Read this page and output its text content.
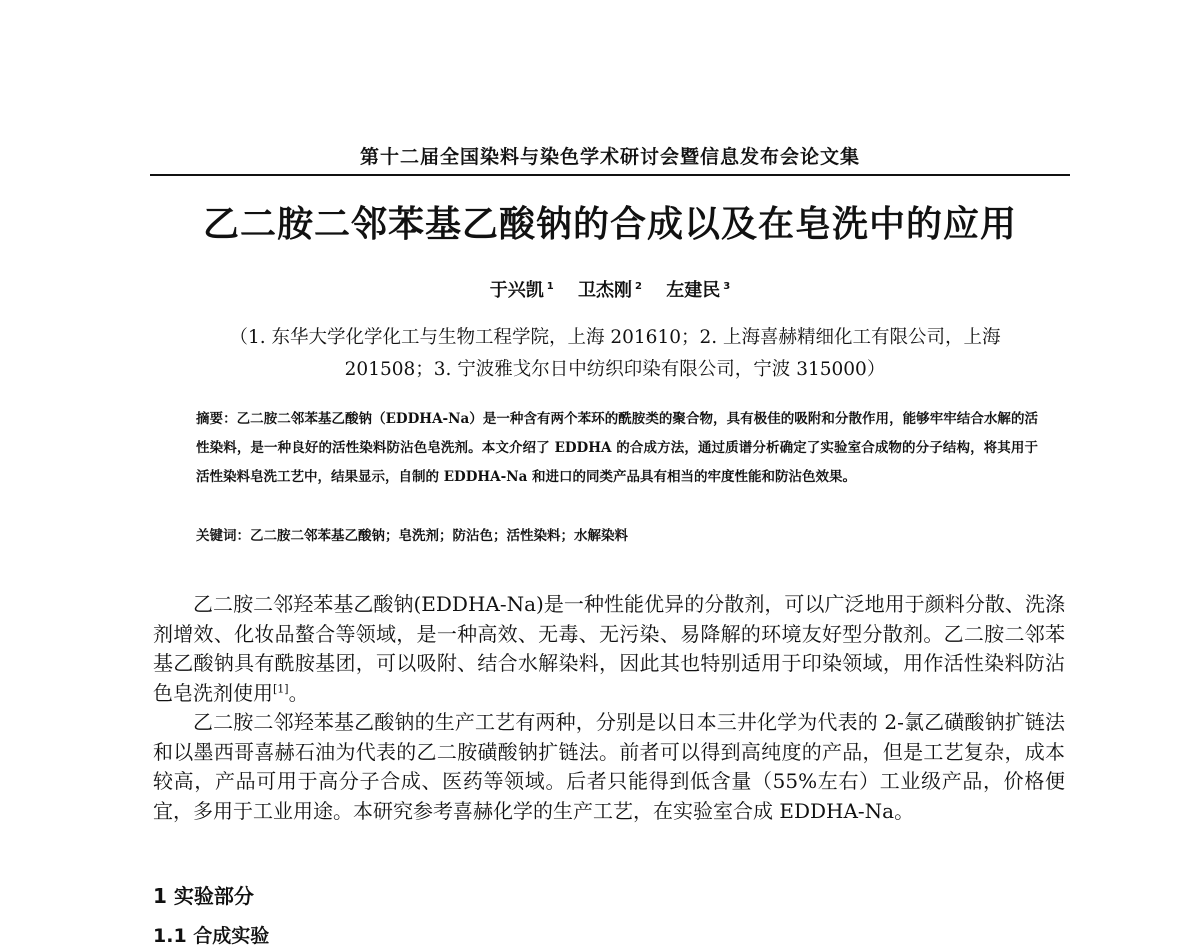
第十二届全国染料与染色学术研讨会暨信息发布会论文集
乙二胺二邻苯基乙酸钠的合成以及在皂洗中的应用
于兴凯 $^1$ 卫杰刚 $^2$ 左建民 $^3$
（1. 东华大学化学化工与生物工程学院，上海 201610；2. 上海喜赫精细化工有限公司，上海
201508；3. 宁波雅戈尔日中纺织印染有限公司，宁波 315000）
摘要：乙二胺二邻苯基乙酸钠（EDDHA-Na）是一种含有两个苯环的酰胺类的聚合物，具有极佳的吸附和分散作用，能够牢牢结合水解的活性染料，是一种良好的活性染料防沾色皂洗剂。本文介绍了 EDDHA 的合成方法，通过质谱分析确定了实验室合成物的分子结构，将其用于活性染料皂洗工艺中，结果显示，自制的 EDDHA-Na 和进口的同类产品具有相当的牢度性能和防沾色效果。
关键词：乙二胺二邻苯基乙酸钠；皂洗剂；防沾色；活性染料；水解染料

乙二胺二邻羟苯基乙酸钠(EDDHA-Na)是一种性能优异的分散剂，可以广泛地用于颜料分散、洗涤剂增效、化妆品螯合等领域，是一种高效、无毒、无污染、易降解的环境友好型分散剂。乙二胺二邻苯基乙酸钠具有酰胺基团，可以吸附、结合水解染料，因此其也特别适用于印染领域，用作活性染料防沾色皂洗剂使用[1]。

乙二胺二邻羟苯基乙酸钠的生产工艺有两种，分别是以日本三井化学为代表的 2-氯乙磺酸钠扩链法和以墨西哥喜赫石油为代表的乙二胺磺酸钠扩链法。前者可以得到高纯度的产品，但是工艺复杂，成本较高，产品可用于高分子合成、医药等领域。后者只能得到低含量（55%左右）工业级产品，价格便宜，多用于工业用途。本研究参考喜赫化学的生产工艺，在实验室合成 EDDHA-Na。

1 实验部分
1.1 合成实验
